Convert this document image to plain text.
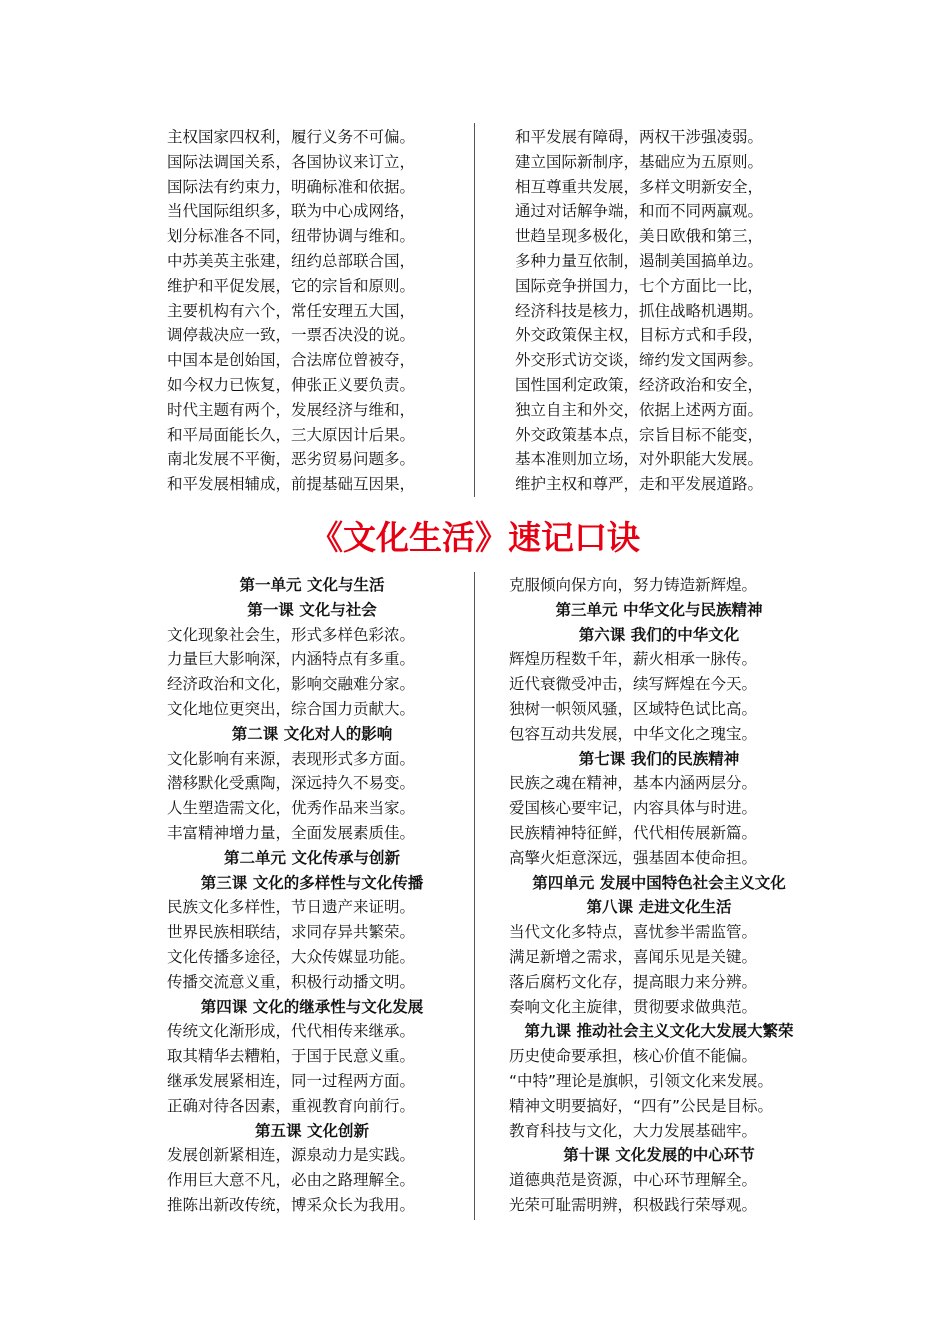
主权国家四权利，履行义务不可偏。
国际法调国关系，各国协议来订立，
国际法有约束力，明确标准和依据。
当代国际组织多，联为中心成网络，
划分标准各不同，纽带协调与维和。
中苏美英主张建，纽约总部联合国，
维护和平促发展，它的宗旨和原则。
主要机构有六个，常任安理五大国，
调停裁决应一致，一票否决没的说。
中国本是创始国，合法席位曾被夺，
如今权力已恢复，伸张正义要负责。
时代主题有两个，发展经济与维和，
和平局面能长久，三大原因计后果。
南北发展不平衡，恶劣贸易问题多。
和平发展相辅成，前提基础互因果，
和平发展有障碍，两权干涉强凌弱。
建立国际新制序，基础应为五原则。
相互尊重共发展，多样文明新安全，
通过对话解争端，和而不同两赢观。
世趋呈现多极化，美日欧俄和第三，
多种力量互依制，遏制美国搞单边。
国际竞争拼国力，七个方面比一比，
经济科技是核力，抓住战略机遇期。
外交政策保主权，目标方式和手段，
外交形式访交谈，缔约发文国两参。
国性国利定政策，经济政治和安全，
独立自主和外交，依据上述两方面。
外交政策基本点，宗旨目标不能变，
基本准则加立场，对外职能大发展。
维护主权和尊严，走和平发展道路。
《文化生活》速记口诀
第一单元 文化与生活
第一课 文化与社会
文化现象社会生，形式多样色彩浓。
力量巨大影响深，内涵特点有多重。
经济政治和文化，影响交融难分家。
文化地位更突出，综合国力贡献大。
第二课 文化对人的影响
文化影响有来源，表现形式多方面。
潜移默化受熏陶，深远持久不易变。
人生塑造需文化，优秀作品来当家。
丰富精神增力量，全面发展素质佳。
第二单元 文化传承与创新
第三课 文化的多样性与文化传播
民族文化多样性，节日遗产来证明。
世界民族相联结，求同存异共繁荣。
文化传播多途径，大众传媒显功能。
传播交流意义重，积极行动播文明。
第四课 文化的继承性与文化发展
传统文化渐形成，代代相传来继承。
取其精华去糟粕，于国于民意义重。
继承发展紧相连，同一过程两方面。
正确对待各因素，重视教育向前行。
第五课 文化创新
发展创新紧相连，源泉动力是实践。
作用巨大意不凡，必由之路理解全。
推陈出新改传统，博采众长为我用。
克服倾向保方向，努力铸造新辉煌。
第三单元 中华文化与民族精神
第六课 我们的中华文化
辉煌历程数千年，薪火相承一脉传。
近代衰微受冲击，续写辉煌在今天。
独树一帜领风骚，区域特色试比高。
包容互动共发展，中华文化之瑰宝。
第七课 我们的民族精神
民族之魂在精神，基本内涵两层分。
爱国核心要牢记，内容具体与时进。
民族精神特征鲜，代代相传展新篇。
高擎火炬意深远，强基固本使命担。
第四单元 发展中国特色社会主义文化
第八课 走进文化生活
当代文化多特点，喜忧参半需监管。
满足新增之需求，喜闻乐见是关键。
落后腐朽文化存，提高眼力来分辨。
奏响文化主旋律，贯彻要求做典范。
第九课 推动社会主义文化大发展大繁荣
历史使命要承担，核心价值不能偏。
“中特”理论是旗帜，引领文化来发展。
精神文明要搞好，“四有”公民是目标。
教育科技与文化，大力发展基础牢。
第十课 文化发展的中心环节
道德典范是资源，中心环节理解全。
光荣可耻需明辨，积极践行荣辱观。
